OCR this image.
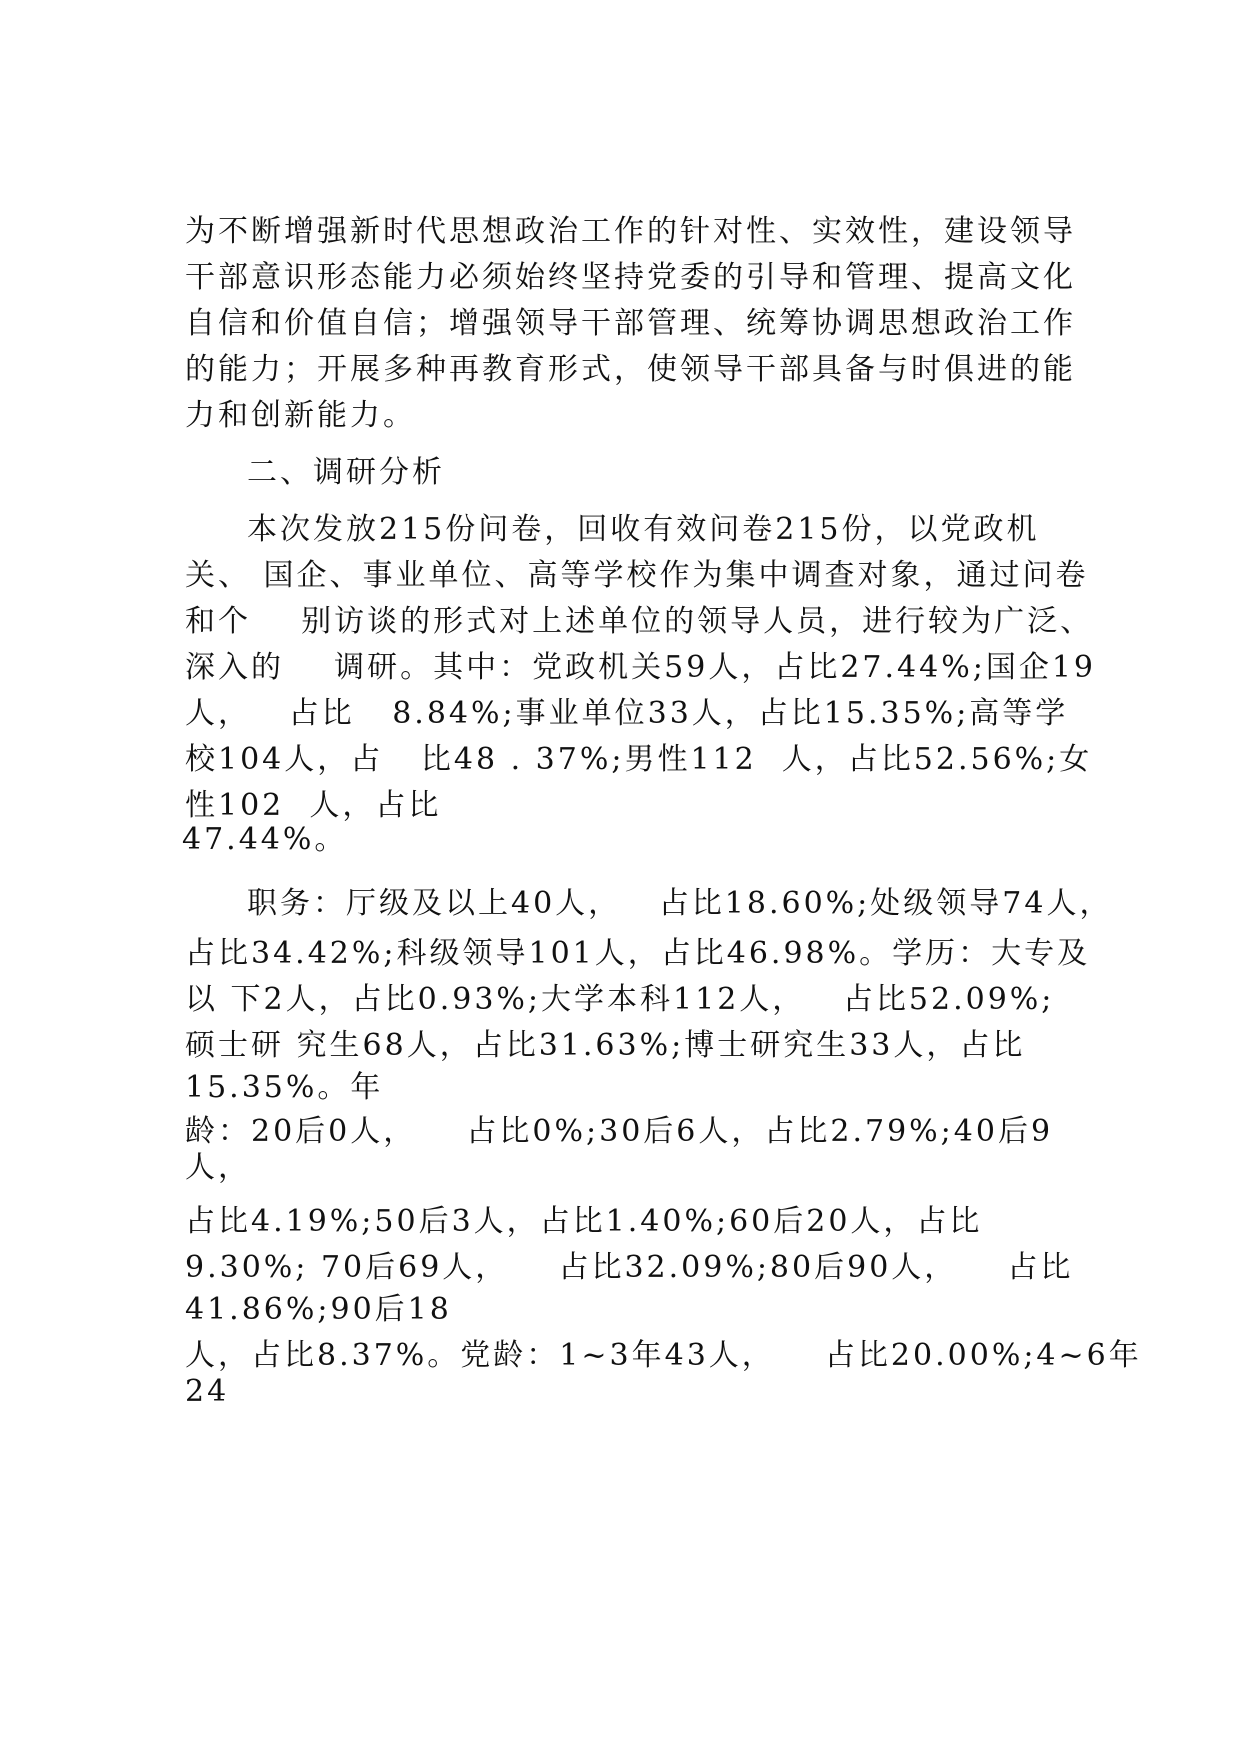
为不断增强新时代思想政治工作的针对性、实效性，建设领导
干部意识形态能力必须始终坚持党委的引导和管理、提高文化
自信和价值自信；增强领导干部管理、统筹协调思想政治工作
的能力；开展多种再教育形式，使领导干部具备与时俱进的能
力和创新能力。
二、调研分析
本次发放215份问卷，回收有效问卷215份，以党政机
关、 国企、事业单位、高等学校作为集中调查对象，通过问卷
和个    别访谈的形式对上述单位的领导人员，进行较为广泛、
深入的    调研。其中：党政机关59人，占比27.44%;国企19
人，   占比   8.84%;事业单位33人，占比15.35%;高等学
校104人，占   比48 . 37%;男性112  人，占比52.56%;女
性102  人，占比
47.44%。
职务：厅级及以上40人，   占比18.60%;处级领导74人，
占比34.42%;科级领导101人，占比46.98%。学历：大专及
以 下2人，占比0.93%;大学本科112人，   占比52.09%;
硕士研 究生68人，占比31.63%;博士研究生33人，占比
15.35%。年
龄：20后0人，    占比0%;30后6人，占比2.79%;40后9
人，
占比4.19%;50后3人，占比1.40%;60后20人，占比
9.30%; 70后69人，    占比32.09%;80后90人，    占比
41.86%;90后18
人，占比8.37%。党龄：1~3年43人，    占比20.00%;4~6年
24
